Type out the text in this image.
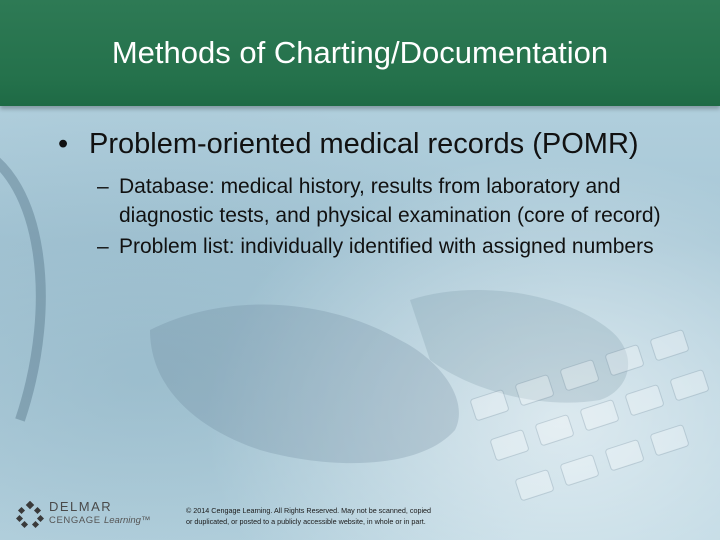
Methods of Charting/Documentation
• Problem-oriented medical records (POMR)
– Database: medical history, results from laboratory and diagnostic tests, and physical examination (core of record)
– Problem list: individually identified with assigned numbers
DELMAR
CENGAGE Learning™
© 2014 Cengage Learning. All Rights Reserved. May not be scanned, copied
or duplicated, or posted to a publicly accessible website, in whole or in part.
